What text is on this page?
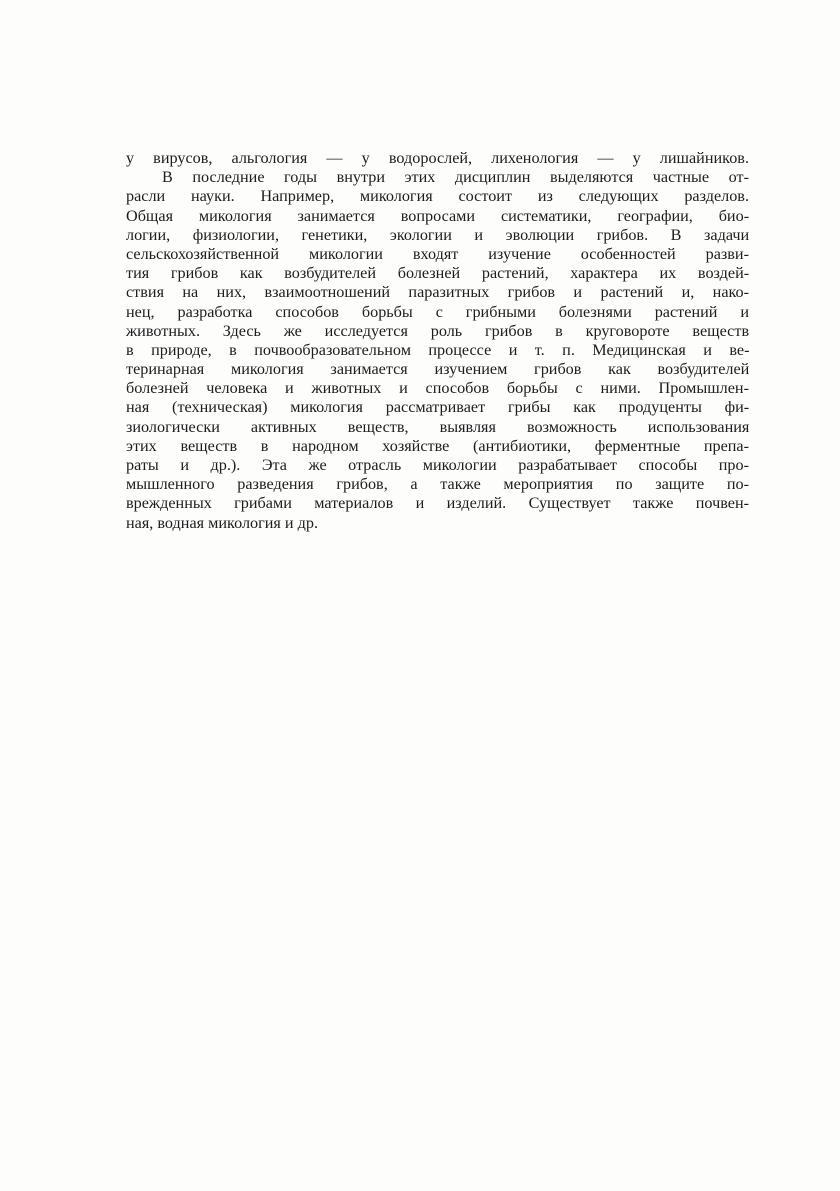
у вирусов, альгология — у водорослей, лихенология — у лишайников.
В последние годы внутри этих дисциплин выделяются частные от-
расли науки. Например, микология состоит из следующих разделов.
Общая микология занимается вопросами систематики, географии, био-
логии, физиологии, генетики, экологии и эволюции грибов. В задачи
сельскохозяйственной микологии входят изучение особенностей разви-
тия грибов как возбудителей болезней растений, характера их воздей-
ствия на них, взаимоотношений паразитных грибов и растений и, нако-
нец, разработка способов борьбы с грибными болезнями растений и
животных. Здесь же исследуется роль грибов в круговороте веществ
в природе, в почвообразовательном процессе и т. п. Медицинская и ве-
теринарная микология занимается изучением грибов как возбудителей
болезней человека и животных и способов борьбы с ними. Промышлен-
ная (техническая) микология рассматривает грибы как продуценты фи-
зиологически активных веществ, выявляя возможность использования
этих веществ в народном хозяйстве (антибиотики, ферментные препа-
раты и др.). Эта же отрасль микологии разрабатывает способы про-
мышленного разведения грибов, а также мероприятия по защите по-
врежденных грибами материалов и изделий. Существует также почвен-
ная, водная микология и др.
